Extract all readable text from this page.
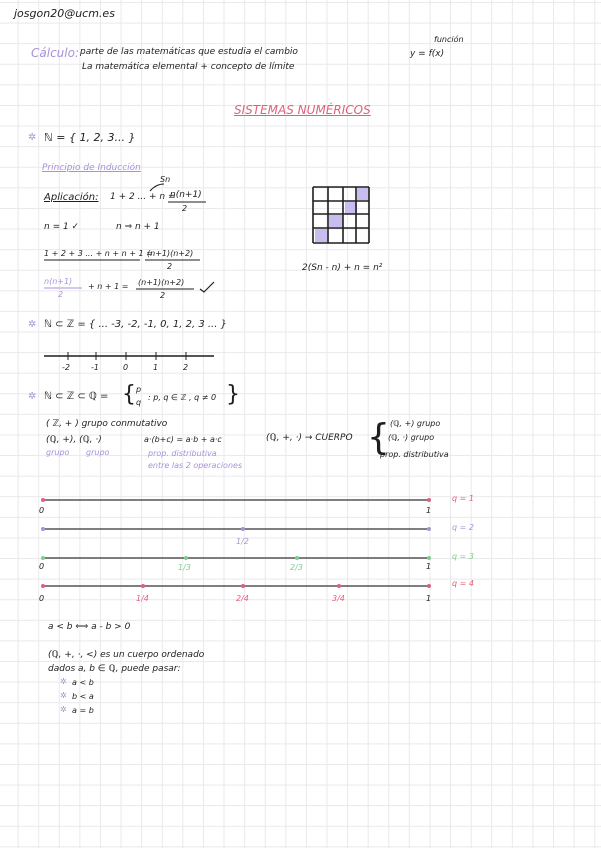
josgon20@ucm.es
Cálculo: parte de las matemáticas que estudia el cambio
La matemática elemental + concepto de límite
función
y = f(x)
SISTEMAS NUMÉRICOS
✲ ℕ = { 1, 2, 3... }
Principio de Inducción
Aplicación: 1 + 2 ... + n =
Sn
n(n+1)
2
n = 1 ✓	n ⇒ n + 1
1 + 2 + 3 ... + n + n + 1 =
(n+1)(n+2)
2
n(n+1)
2
+ n + 1 = (n+1)(n+2)
2
2(Sn - n) + n = n²
✲ ℕ ⊂ ℤ = { ... -3, -2, -1, 0, 1, 2, 3 ... }
-2	-1	0	1	2
✲ ℕ ⊂ ℤ ⊂ ℚ = { p
q
: p, q ∈ ℤ , q ≠ 0 }
( ℤ, + ) grupo conmutativo
(ℚ, +), (ℚ, ·)
grupo grupo
a·(b+c) = a·b + a·c
prop. distributiva
entre las 2 operaciones
(ℚ, +, ·) → CUERPO { (ℚ, +) grupo
(ℚ, ·) grupo
prop. distributiva
q = 1
0	1
q = 2
1/2
0	1
q = 3
1/3	2/3
q = 4
0	1/4	2/4	3/4	1
a < b ⟺ a - b > 0
(ℚ, +, ·, <) es un cuerpo ordenado
dados a, b ∈ ℚ, puede pasar:
✲ a < b
✲ b < a
✲ a = b
